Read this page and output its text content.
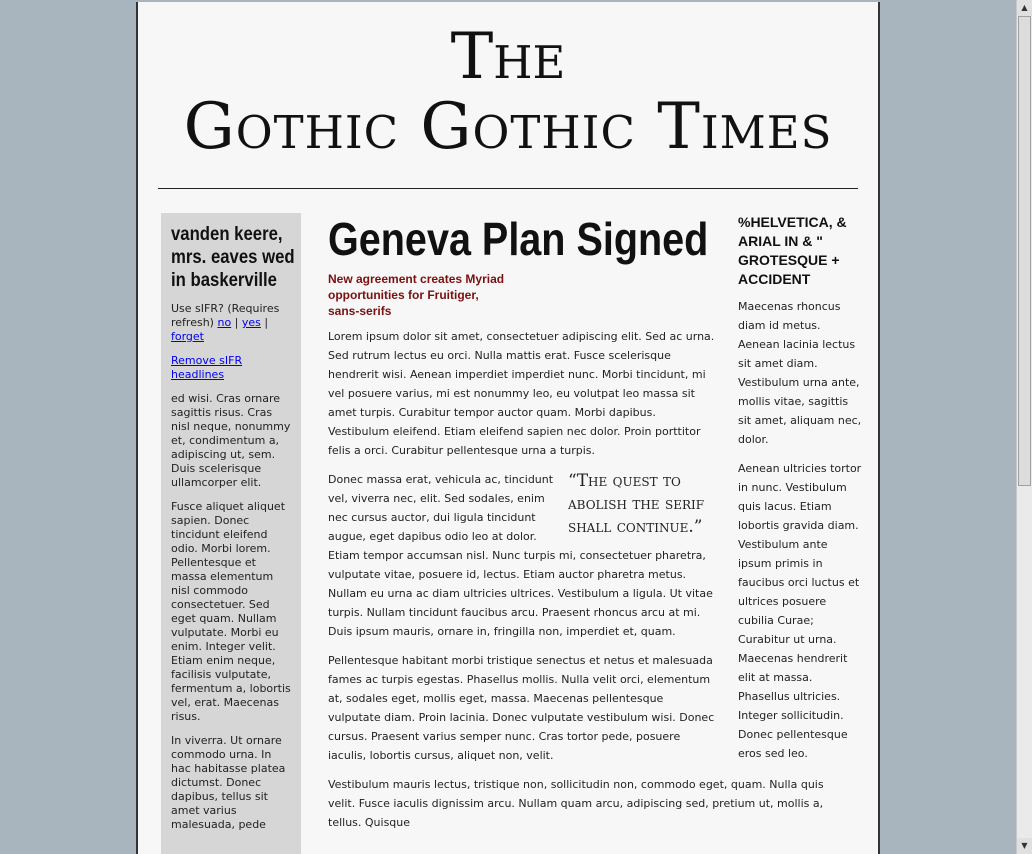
The
Gothic Gothic Times
vanden keere, mrs. eaves wed in baskerville

Use sIFR? (Requires refresh) no | yes | forget

Remove sIFR headlines

ed wisi. Cras ornare sagittis risus. Cras nisl neque, nonummy et, condimentum a, adipiscing ut, sem. Duis scelerisque ullamcorper elit.

Fusce aliquet aliquet sapien. Donec tincidunt eleifend odio. Morbi lorem. Pellentesque et massa elementum nisl commodo consectetuer. Sed eget quam. Nullam vulputate. Morbi eu enim. Integer velit. Etiam enim neque, facilisis vulputate, fermentum a, lobortis vel, erat. Maecenas risus.

In viverra. Ut ornare commodo urna. In hac habitasse platea dictumst. Donec dapibus, tellus sit amet varius malesuada, pede

Geneva Plan Signed
New agreement creates Myriad opportunities for Fruitiger, sans-serifs

Lorem ipsum dolor sit amet, consectetuer adipiscing elit. Sed ac urna. Sed rutrum lectus eu orci. Nulla mattis erat. Fusce scelerisque hendrerit wisi. Aenean imperdiet imperdiet nunc. Morbi tincidunt, mi vel posuere varius, mi est nonummy leo, eu volutpat leo massa sit amet turpis. Curabitur tempor auctor quam. Morbi dapibus. Vestibulum eleifend. Etiam eleifend sapien nec dolor. Proin porttitor felis a orci. Curabitur pellentesque urna a turpis.

“The quest to abolish the serif shall continue.”

Donec massa erat, vehicula ac, tincidunt vel, viverra nec, elit. Sed sodales, enim nec cursus auctor, dui ligula tincidunt augue, eget dapibus odio leo at dolor. Etiam tempor accumsan nisl. Nunc turpis mi, consectetuer pharetra, vulputate vitae, posuere id, lectus. Etiam auctor pharetra metus. Nullam eu urna ac diam ultricies ultrices. Vestibulum a ligula. Ut vitae turpis. Nullam tincidunt faucibus arcu. Praesent rhoncus arcu at mi. Duis ipsum mauris, ornare in, fringilla non, imperdiet et, quam.

Pellentesque habitant morbi tristique senectus et netus et malesuada fames ac turpis egestas. Phasellus mollis. Nulla velit orci, elementum at, sodales eget, mollis eget, massa. Maecenas pellentesque vulputate diam. Proin lacinia. Donec vulputate vestibulum wisi. Donec cursus. Praesent varius semper nunc. Cras tortor pede, posuere iaculis, lobortis cursus, aliquet non, velit.

Vestibulum mauris lectus, tristique non, sollicitudin non, commodo eget, quam. Nulla quis velit. Fusce iaculis dignissim arcu. Nullam quam arcu, adipiscing sed, pretium ut, mollis a, tellus. Quisque

%HELVETICA, & ARIAL IN & " GROTESQUE + ACCIDENT

Maecenas rhoncus diam id metus. Aenean lacinia lectus sit amet diam. Vestibulum urna ante, mollis vitae, sagittis sit amet, aliquam nec, dolor.

Aenean ultricies tortor in nunc. Vestibulum quis lacus. Etiam lobortis gravida diam. Vestibulum ante ipsum primis in faucibus orci luctus et ultrices posuere cubilia Curae; Curabitur ut urna. Maecenas hendrerit elit at massa. Phasellus ultricies. Integer sollicitudin. Donec pellentesque eros sed leo.

▲
▼
